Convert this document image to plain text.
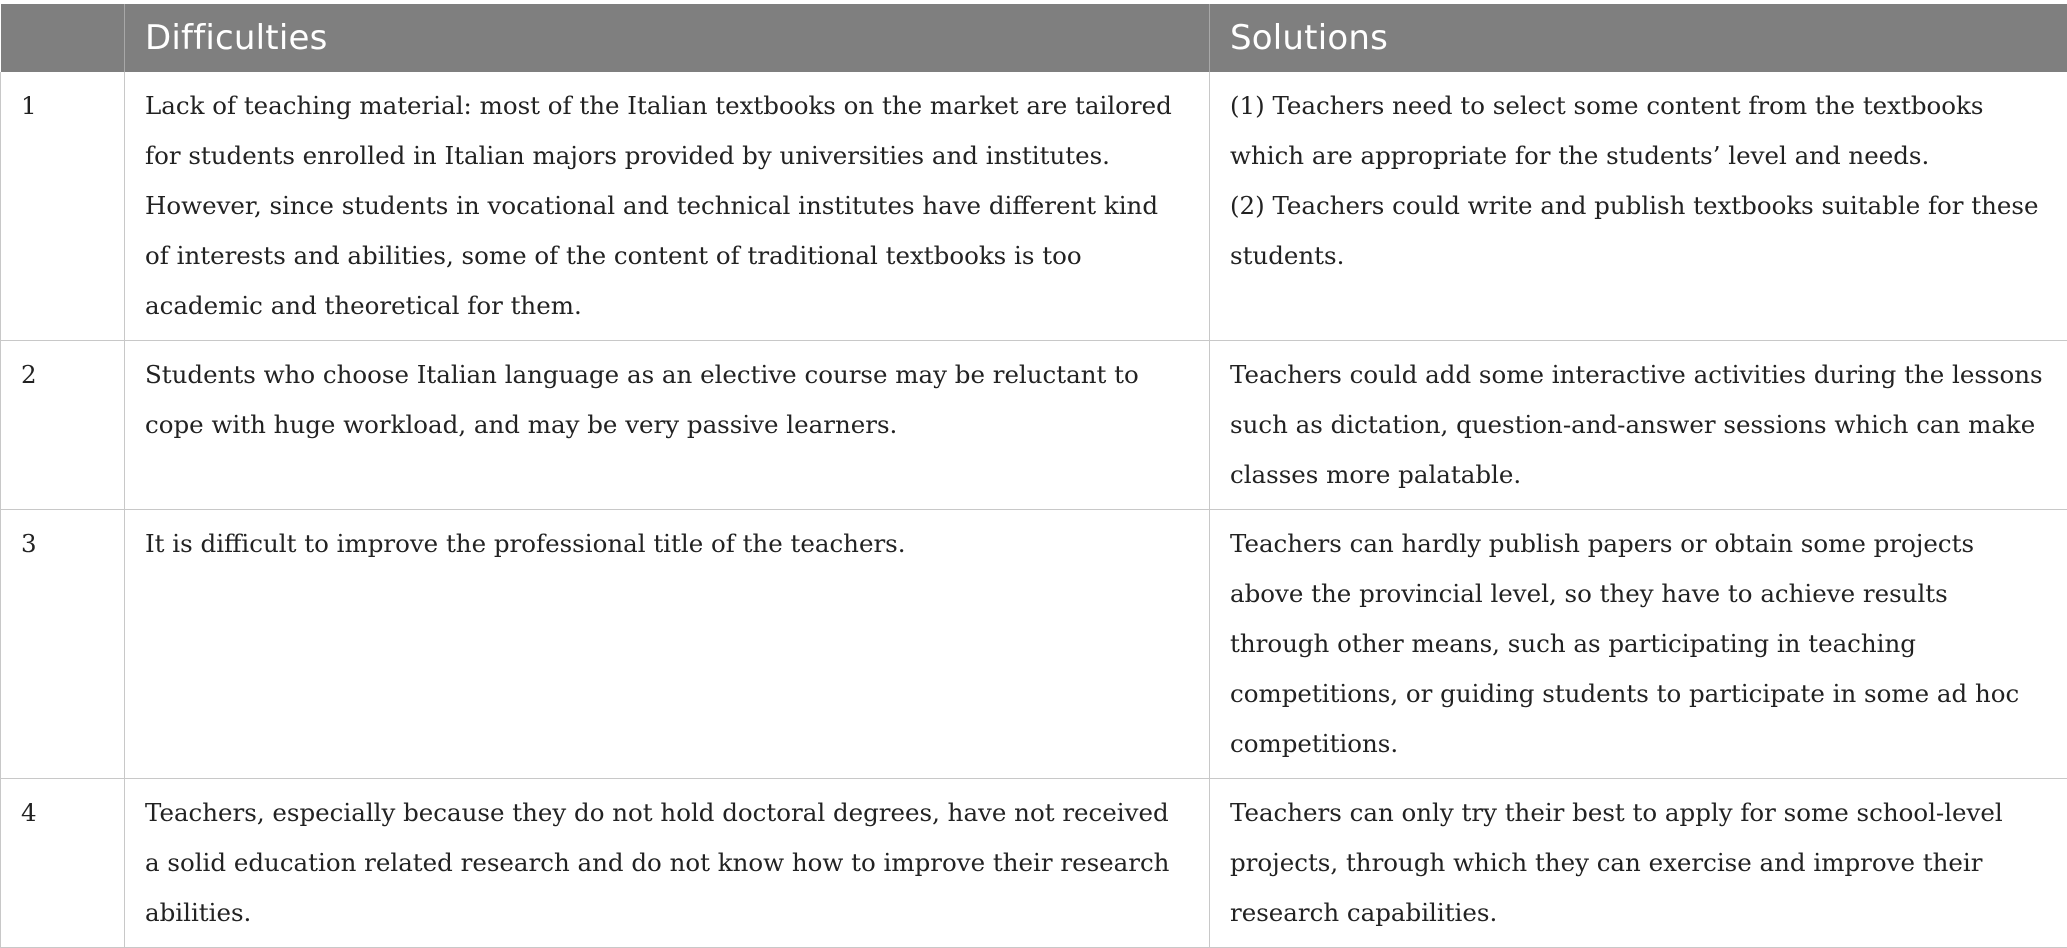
	Difficulties	Solutions
1	Lack of teaching material: most of the Italian textbooks on the market are tailored for students enrolled in Italian majors provided by universities and institutes. However, since students in vocational and technical institutes have different kind of interests and abilities, some of the content of traditional textbooks is too academic and theoretical for them.	(1) Teachers need to select some content from the textbooks which are appropriate for the students’ level and needs.
(2) Teachers could write and publish textbooks suitable for these students.

2	Students who choose Italian language as an elective course may be reluctant to cope with huge workload, and may be very passive learners.	Teachers could add some interactive activities during the lessons such as dictation, question-and-answer sessions which can make classes more palatable.

3	It is difficult to improve the professional title of the teachers.	Teachers can hardly publish papers or obtain some projects above the provincial level, so they have to achieve results through other means, such as participating in teaching competitions, or guiding students to participate in some ad hoc competitions.

4	Teachers, especially because they do not hold doctoral degrees, have not received a solid education related research and do not know how to improve their research abilities.	Teachers can only try their best to apply for some school-level projects, through which they can exercise and improve their research capabilities.
